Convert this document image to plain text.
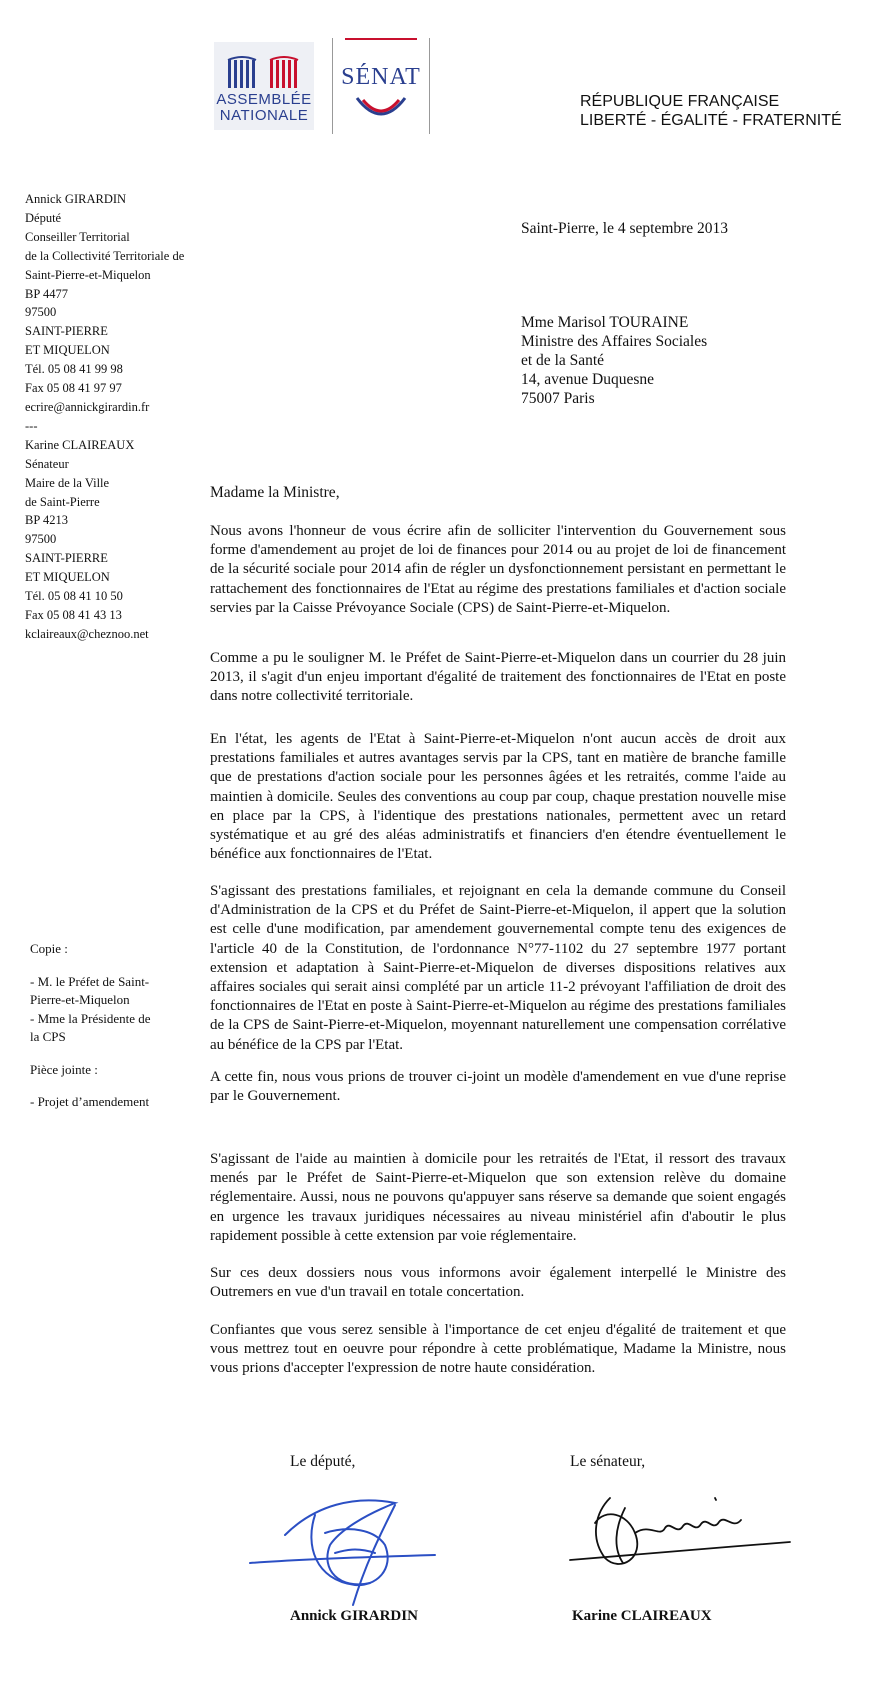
ASSEMBLÉE
NATIONALE
SÉNAT
RÉPUBLIQUE FRANÇAISE
LIBERTÉ - ÉGALITÉ - FRATERNITÉ
Annick GIRARDIN
Député
Conseiller Territorial
de la Collectivité Territoriale de
Saint-Pierre-et-Miquelon
BP 4477
97500
SAINT-PIERRE
ET MIQUELON
Tél. 05 08 41 99 98
Fax 05 08 41 97 97
ecrire@annickgirardin.fr
---
Karine CLAIREAUX
Sénateur
Maire de la Ville
de Saint-Pierre
BP 4213
97500
SAINT-PIERRE
ET MIQUELON
Tél. 05 08 41 10 50
Fax 05 08 41 43 13
kclaireaux@cheznoo.net
Copie :
- M. le Préfet de Saint-
Pierre-et-Miquelon
- Mme la Présidente de
la CPS
Pièce jointe :
- Projet d’amendement
Saint-Pierre, le 4 septembre 2013
Mme Marisol TOURAINE
Ministre des Affaires Sociales
et de la Santé
14, avenue Duquesne
75007 Paris
Madame la Ministre,
Nous avons l'honneur de vous écrire afin de solliciter l'intervention du Gouvernement sous forme d'amendement au projet de loi de finances pour 2014 ou au projet de loi de financement de la sécurité sociale pour 2014 afin de régler un dysfonctionnement persistant en permettant le rattachement des fonctionnaires de l'Etat au régime des prestations familiales et d'action sociale servies par la Caisse Prévoyance Sociale (CPS) de Saint-Pierre-et-Miquelon.
Comme a pu le souligner M. le Préfet de Saint-Pierre-et-Miquelon dans un courrier du 28 juin 2013, il s'agit d'un enjeu important d'égalité de traitement des fonctionnaires de l'Etat en poste dans notre collectivité territoriale.
En l'état, les agents de l'Etat à Saint-Pierre-et-Miquelon n'ont aucun accès de droit aux prestations familiales et autres avantages servis par la CPS, tant en matière de branche famille que de prestations d'action sociale pour les personnes âgées et les retraités, comme l'aide au maintien à domicile. Seules des conventions au coup par coup, chaque prestation nouvelle mise en place par la CPS, à l'identique des prestations nationales, permettent avec un retard systématique et au gré des aléas administratifs et financiers d'en étendre éventuellement le bénéfice aux fonctionnaires de l'Etat.
S'agissant des prestations familiales, et rejoignant en cela la demande commune du Conseil d'Administration de la CPS et du Préfet de Saint-Pierre-et-Miquelon, il appert que la solution est celle d'une modification, par amendement gouvernemental compte tenu des exigences de l'article 40 de la Constitution, de l'ordonnance N°77-1102 du 27 septembre 1977 portant extension et adaptation à Saint-Pierre-et-Miquelon de diverses dispositions relatives aux affaires sociales qui serait ainsi complété par un article 11-2 prévoyant l'affiliation de droit des fonctionnaires de l'Etat en poste à Saint-Pierre-et-Miquelon au régime des prestations familiales de la CPS de Saint-Pierre-et-Miquelon, moyennant naturellement une compensation corrélative au bénéfice de la CPS par l'Etat.
A cette fin, nous vous prions de trouver ci-joint un modèle d'amendement en vue d'une reprise par le Gouvernement.
S'agissant de l'aide au maintien à domicile pour les retraités de l'Etat, il ressort des travaux menés par le Préfet de Saint-Pierre-et-Miquelon que son extension relève du domaine réglementaire. Aussi, nous ne pouvons qu'appuyer sans réserve sa demande que soient engagés en urgence les travaux juridiques nécessaires au niveau ministériel afin d'aboutir le plus rapidement possible à cette extension par voie réglementaire.
Sur ces deux dossiers nous vous informons avoir également interpellé le Ministre des Outremers en vue d'un travail en totale concertation.
Confiantes que vous serez sensible à l'importance de cet enjeu d'égalité de traitement et que vous mettrez tout en oeuvre pour répondre à cette problématique, Madame la Ministre, nous vous prions d'accepter l'expression de notre haute considération.
Le député,	Le sénateur,
Annick GIRARDIN	Karine CLAIREAUX
